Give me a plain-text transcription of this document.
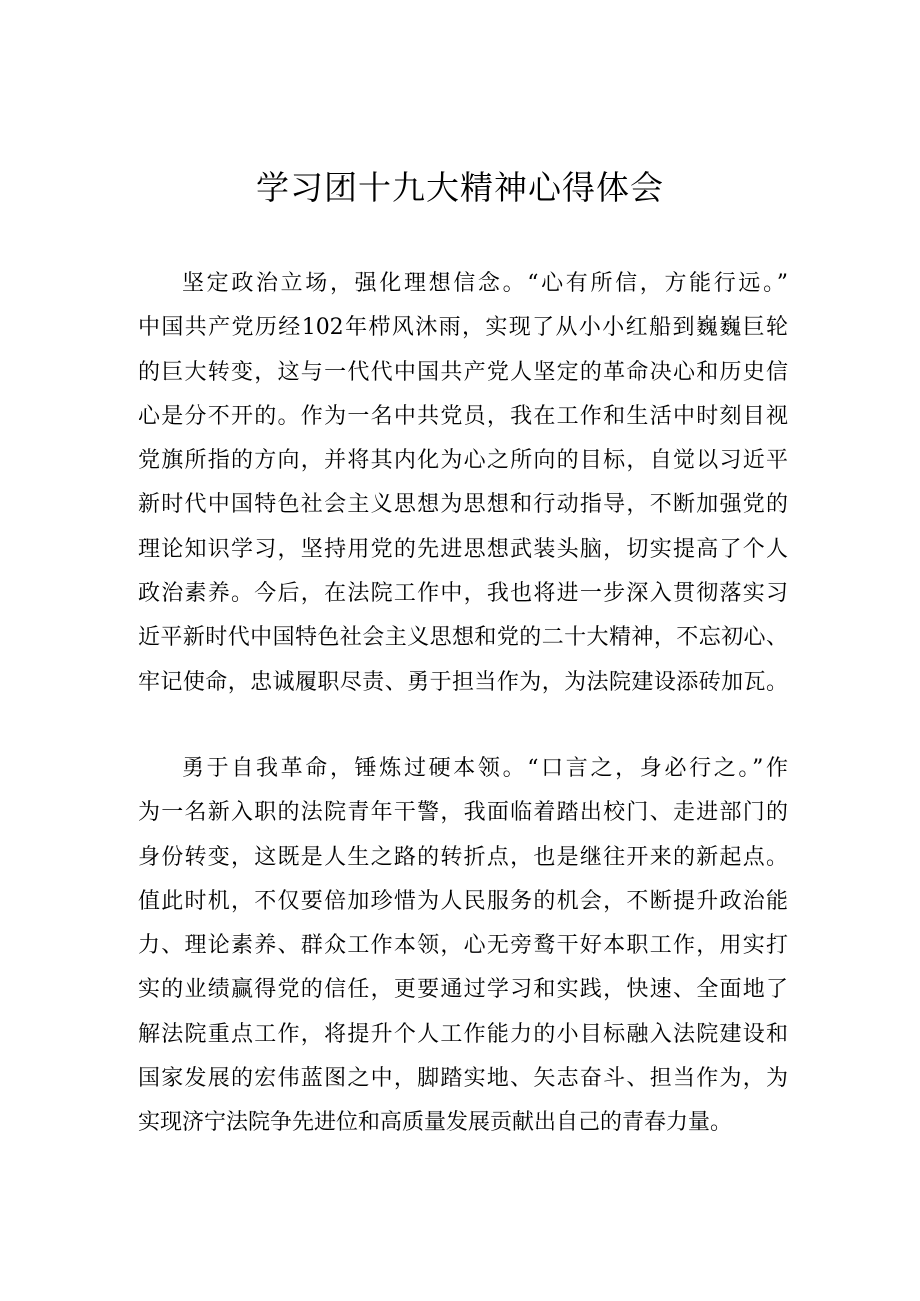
学习团十九大精神心得体会
坚定政治立场，强化理想信念。“心有所信，方能行远。”
中国共产党历经102年栉风沐雨，实现了从小小红船到巍巍巨轮
的巨大转变，这与一代代中国共产党人坚定的革命决心和历史信
心是分不开的。作为一名中共党员，我在工作和生活中时刻目视
党旗所指的方向，并将其内化为心之所向的目标，自觉以习近平
新时代中国特色社会主义思想为思想和行动指导，不断加强党的
理论知识学习，坚持用党的先进思想武装头脑，切实提高了个人
政治素养。今后，在法院工作中，我也将进一步深入贯彻落实习
近平新时代中国特色社会主义思想和党的二十大精神，不忘初心、
牢记使命，忠诚履职尽责、勇于担当作为，为法院建设添砖加瓦。
勇于自我革命，锤炼过硬本领。“口言之，身必行之。”作
为一名新入职的法院青年干警，我面临着踏出校门、走进部门的
身份转变，这既是人生之路的转折点，也是继往开来的新起点。
值此时机，不仅要倍加珍惜为人民服务的机会，不断提升政治能
力、理论素养、群众工作本领，心无旁鹜干好本职工作，用实打
实的业绩赢得党的信任，更要通过学习和实践，快速、全面地了
解法院重点工作，将提升个人工作能力的小目标融入法院建设和
国家发展的宏伟蓝图之中，脚踏实地、矢志奋斗、担当作为，为
实现济宁法院争先进位和高质量发展贡献出自己的青春力量。
